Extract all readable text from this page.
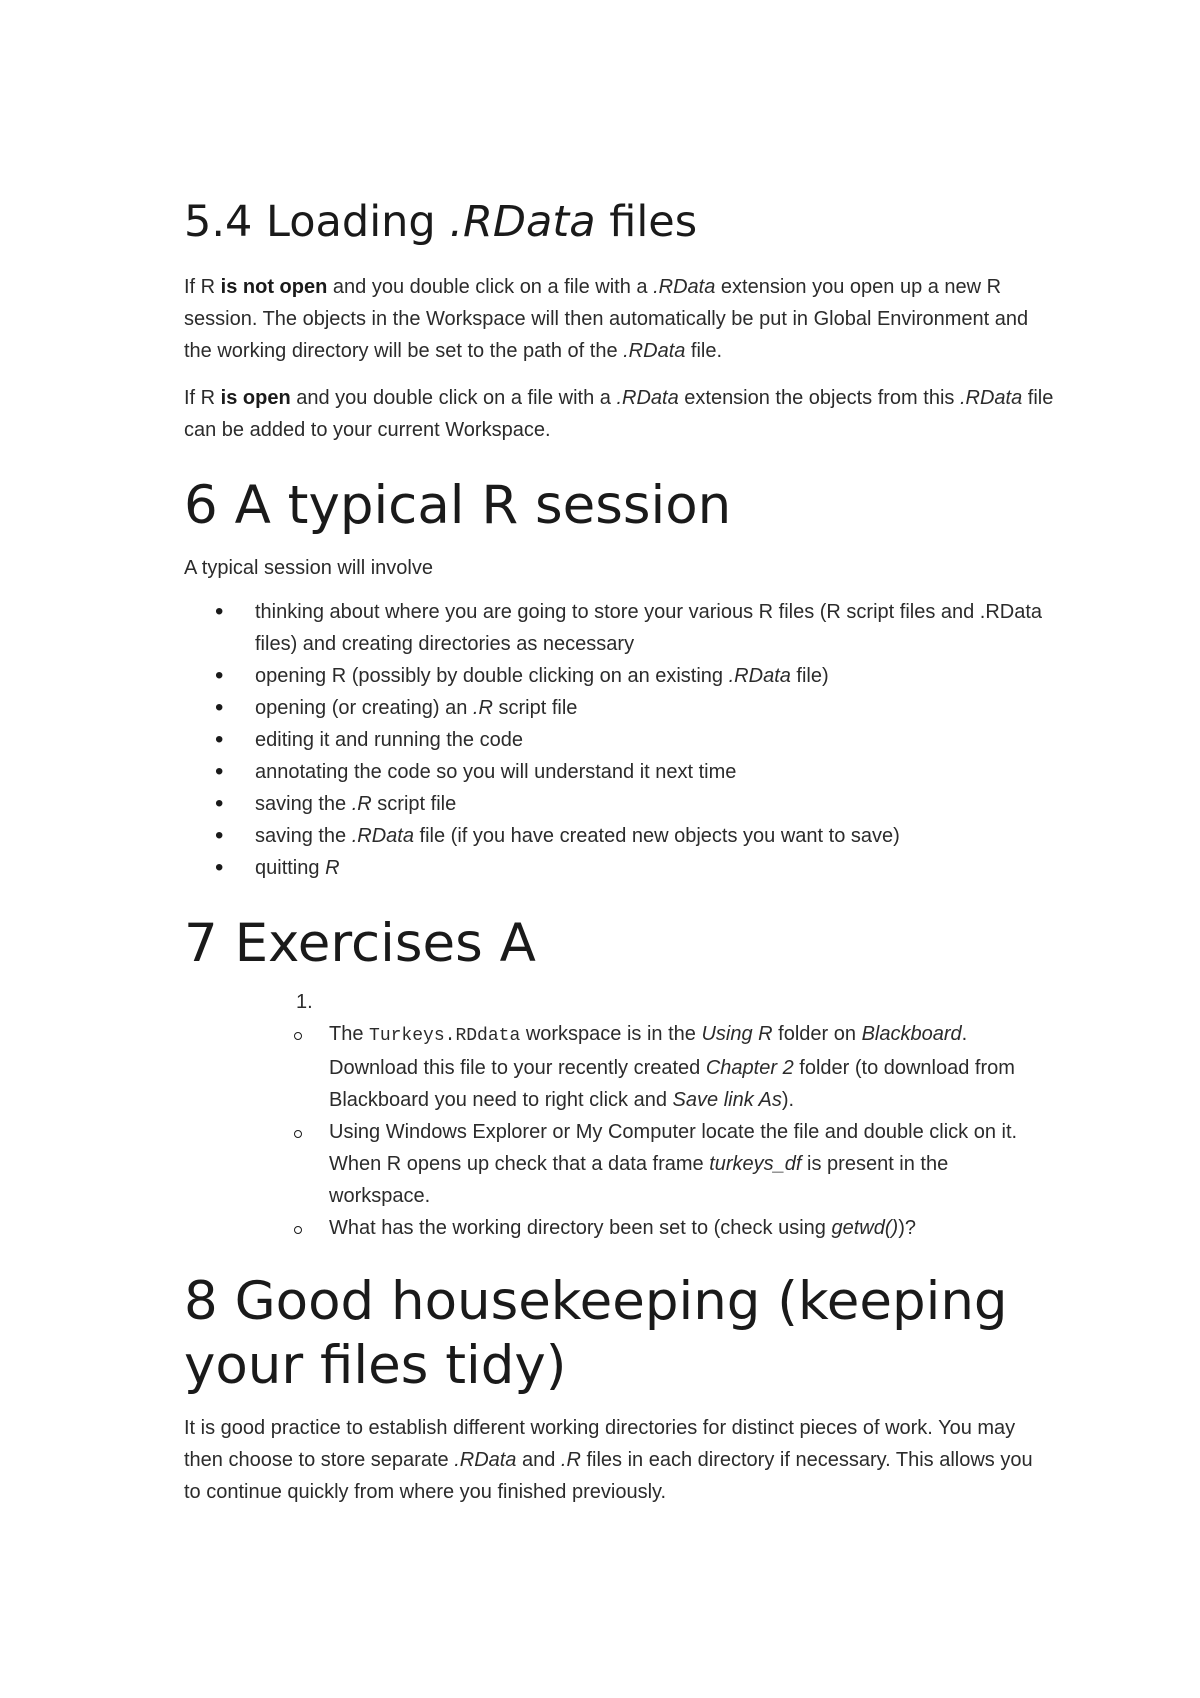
5.4 Loading .RData files

If R is not open and you double click on a file with a .RData extension you open up a new R session. The objects in the Workspace will then automatically be put in Global Environment and the working directory will be set to the path of the .RData file.

If R is open and you double click on a file with a .RData extension the objects from this .RData file can be added to your current Workspace.

6 A typical R session

A typical session will involve

• thinking about where you are going to store your various R files (R script files and .RData files) and creating directories as necessary
• opening R (possibly by double clicking on an existing .RData file)
• opening (or creating) an .R script file
• editing it and running the code
• annotating the code so you will understand it next time
• saving the .R script file
• saving the .RData file (if you have created new objects you want to save)
• quitting R
7 Exercises A
1.
The Turkeys.RDdata workspace is in the Using R folder on Blackboard. Download this file to your recently created Chapter 2 folder (to download from Blackboard you need to right click and Save link As).
Using Windows Explorer or My Computer locate the file and double click on it. When R opens up check that a data frame turkeys_df is present in the workspace.
What has the working directory been set to (check using getwd())?
8 Good housekeeping (keeping your files tidy)

It is good practice to establish different working directories for distinct pieces of work. You may then choose to store separate .RData and .R files in each directory if necessary. This allows you to continue quickly from where you finished previously.
